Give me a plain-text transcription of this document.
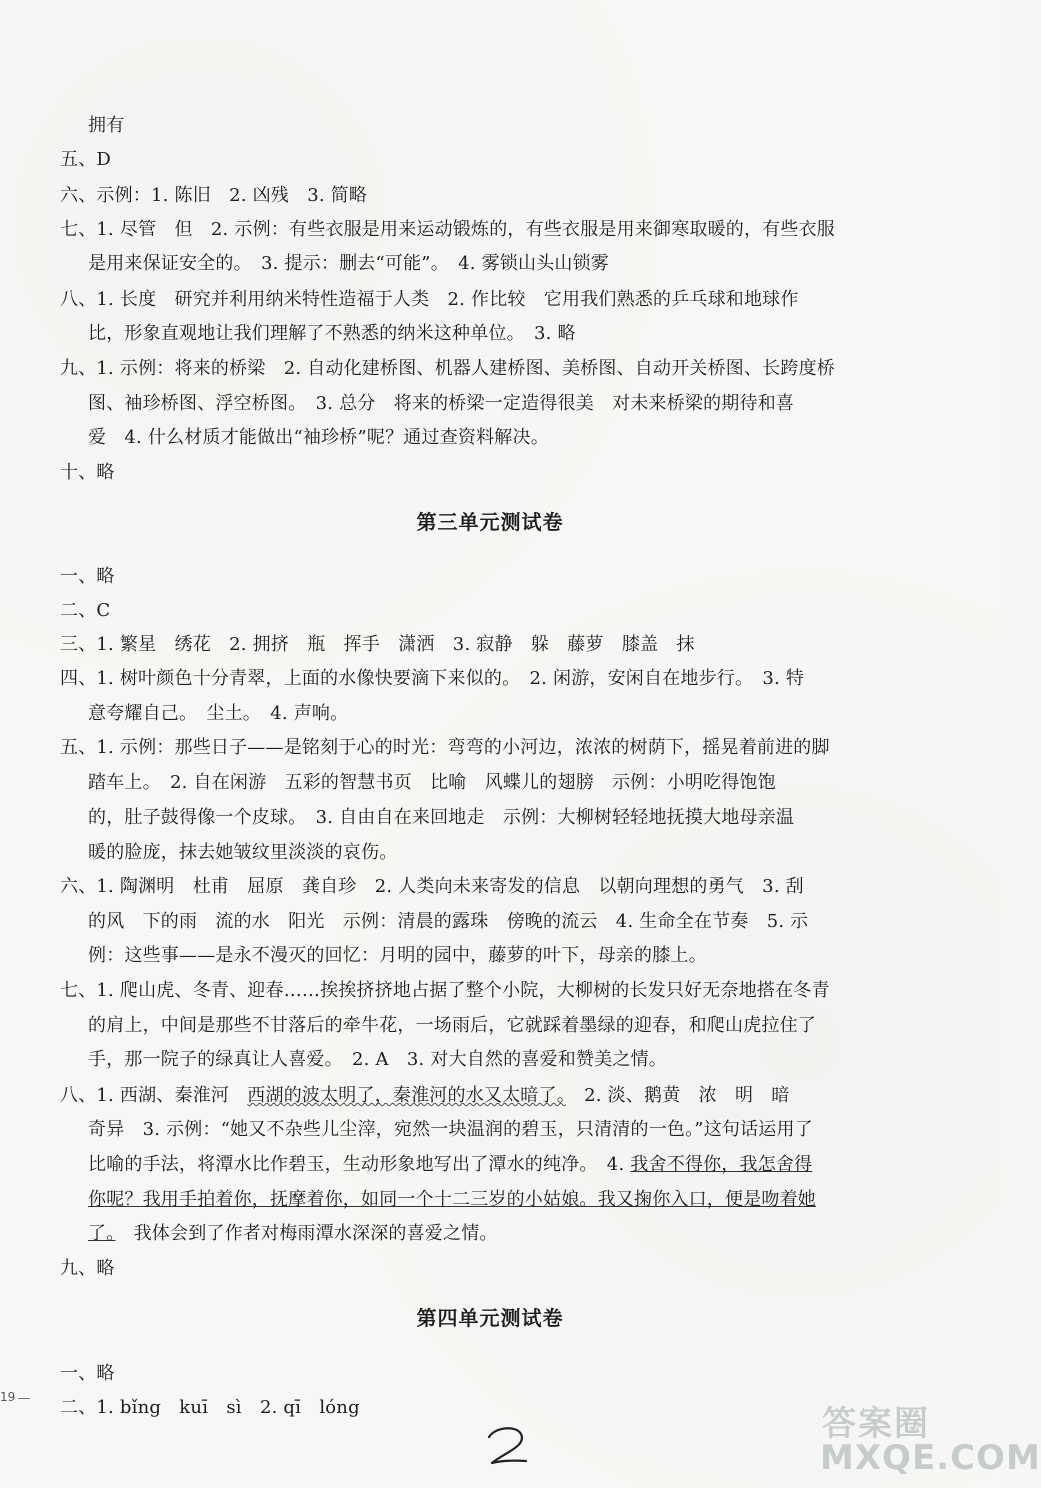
拥有
五、D
六、示例：1. 陈旧　2. 凶残　3. 简略
七、1. 尽管　但　2. 示例：有些衣服是用来运动锻炼的，有些衣服是用来御寒取暖的，有些衣服
是用来保证安全的。　3. 提示：删去“可能”。　4. 雾锁山头山锁雾
八、1. 长度　研究并利用纳米特性造福于人类　2. 作比较　它用我们熟悉的乒乓球和地球作
比，形象直观地让我们理解了不熟悉的纳米这种单位。　3. 略
九、1. 示例：将来的桥梁　2. 自动化建桥图、机器人建桥图、美桥图、自动开关桥图、长跨度桥
图、袖珍桥图、浮空桥图。　3. 总分　将来的桥梁一定造得很美　对未来桥梁的期待和喜
爱　4. 什么材质才能做出“袖珍桥”呢？通过查资料解决。
十、略
第三单元测试卷
一、略
二、C
三、1. 繁星　绣花　2. 拥挤　瓶　挥手　潇洒　3. 寂静　躲　藤萝　膝盖　抹
四、1. 树叶颜色十分青翠，上面的水像快要滴下来似的。　2. 闲游，安闲自在地步行。　3. 特
意夸耀自己。　尘土。　4. 声响。
五、1. 示例：那些日子——是铭刻于心的时光：弯弯的小河边，浓浓的树荫下，摇晃着前进的脚
踏车上。　2. 自在闲游　五彩的智慧书页　比喻　风蝶儿的翅膀　示例：小明吃得饱饱
的，肚子鼓得像一个皮球。　3. 自由自在来回地走　示例：大柳树轻轻地抚摸大地母亲温
暖的脸庞，抹去她皱纹里淡淡的哀伤。
六、1. 陶渊明　杜甫　屈原　龚自珍　2. 人类向未来寄发的信息　以朝向理想的勇气　3. 刮
的风　下的雨　流的水　阳光　示例：清晨的露珠　傍晚的流云　4. 生命全在节奏　5. 示
例：这些事——是永不漫灭的回忆：月明的园中，藤萝的叶下，母亲的膝上。
七、1. 爬山虎、冬青、迎春……挨挨挤挤地占据了整个小院，大柳树的长发只好无奈地搭在冬青
的肩上，中间是那些不甘落后的牵牛花，一场雨后，它就踩着墨绿的迎春，和爬山虎拉住了
手，那一院子的绿真让人喜爱。　2. A　3. 对大自然的喜爱和赞美之情。
八、1. 西湖、秦淮河　西湖的波太明了，秦淮河的水又太暗了。　2. 淡、鹅黄　浓　明　暗
奇异　3. 示例：“她又不杂些儿尘滓，宛然一块温润的碧玉，只清清的一色。”这句话运用了
比喻的手法，将潭水比作碧玉，生动形象地写出了潭水的纯净。　4. 我舍不得你，我怎舍得
你呢？我用手拍着你，抚摩着你，如同一个十二三岁的小姑娘。我又掬你入口，便是吻着她
了。　我体会到了作者对梅雨潭水深深的喜爱之情。
九、略
第四单元测试卷
一、略
二、1. bǐng　kuī　sì　2. qī　lóng
19
答案圈
MXQE.COM
